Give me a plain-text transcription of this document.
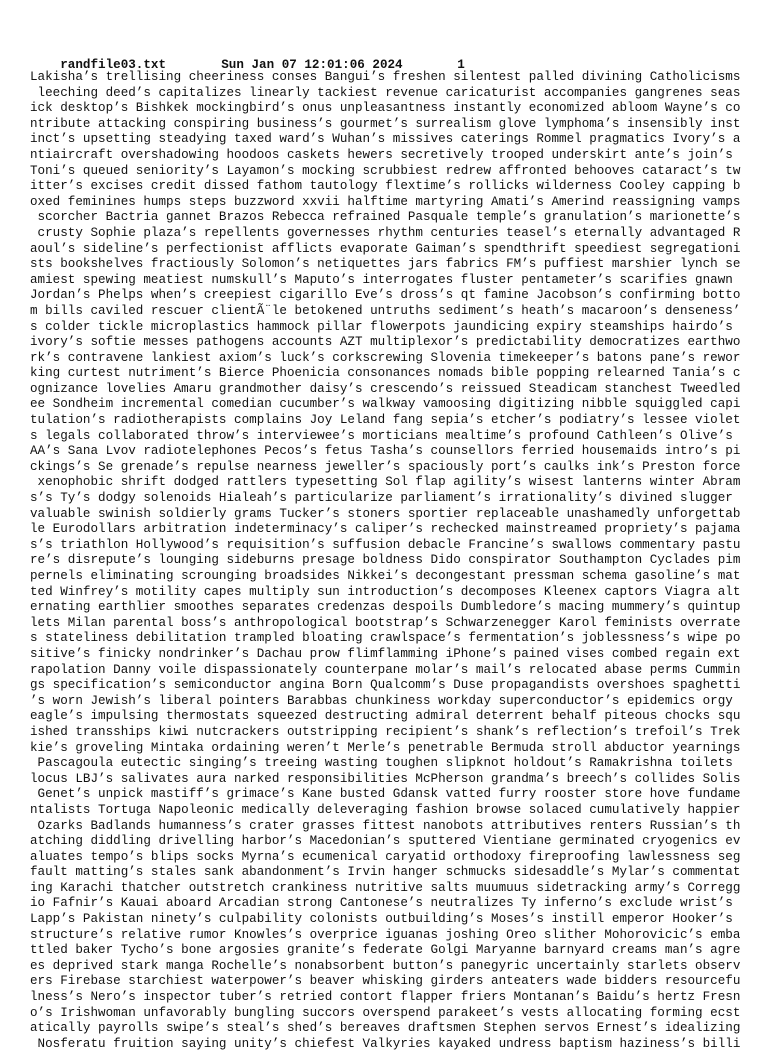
randfile03.txt	Sun Jan 07 12:01:06 2024	1

Lakisha’s trellising cheeriness conses Bangui’s freshen silentest palled divining Catholicisms
leeching deed’s capitalizes linearly tackiest revenue caricaturist accompanies gangrenes seas
ick desktop’s Bishkek mockingbird’s onus unpleasantness instantly economized abloom Wayne’s co
ntribute attacking conspiring business’s gourmet’s surrealism glove lymphoma’s insensibly inst
inct’s upsetting steadying taxed ward’s Wuhan’s missives caterings Rommel pragmatics Ivory’s a
ntiaircraft overshadowing hoodoos caskets hewers secretively trooped underskirt ante’s join’s
Toni’s queued seniority’s Layamon’s mocking scrubbiest redrew affronted behooves cataract’s tw
itter’s excises credit dissed fathom tautology flextime’s rollicks wilderness Cooley capping b
oxed feminines humps steps buzzword xxvii halftime martyring Amati’s Amerind reassigning vamps
scorcher Bactria gannet Brazos Rebecca refrained Pasquale temple’s granulation’s marionette’s
crusty Sophie plaza’s repellents governesses rhythm centuries teasel’s eternally advantaged R
aoul’s sideline’s perfectionist afflicts evaporate Gaiman’s spendthrift speediest segregationi
sts bookshelves fractiously Solomon’s netiquettes jars fabrics FM’s puffiest marshier lynch se
amiest spewing meatiest numskull’s Maputo’s interrogates fluster pentameter’s scarifies gnawn
Jordan’s Phelps when’s creepiest cigarillo Eve’s dross’s qt famine Jacobson’s confirming botto
m bills caviled rescuer clientÃ¨le betokened untruths sediment’s heath’s macaroon’s denseness’
s colder tickle microplastics hammock pillar flowerpots jaundicing expiry steamships hairdo’s
ivory’s softie messes pathogens accounts AZT multiplexor’s predictability democratizes earthwo
rk’s contravene lankiest axiom’s luck’s corkscrewing Slovenia timekeeper’s batons pane’s rewor
king curtest nutriment’s Bierce Phoenicia consonances nomads bible popping relearned Tania’s c
ognizance lovelies Amaru grandmother daisy’s crescendo’s reissued Steadicam stanchest Tweedled
ee Sondheim incremental comedian cucumber’s walkway vamoosing digitizing nibble squiggled capi
tulation’s radiotherapists complains Joy Leland fang sepia’s etcher’s podiatry’s lessee violet
s legals collaborated throw’s interviewee’s morticians mealtime’s profound Cathleen’s Olive’s
AA’s Sana Lvov radiotelephones Pecos’s fetus Tasha’s counsellors ferried housemaids intro’s pi
ckings’s Se grenade’s repulse nearness jeweller’s spaciously port’s caulks ink’s Preston force
xenophobic shrift dodged rattlers typesetting Sol flap agility’s wisest lanterns winter Abram
s’s Ty’s dodgy solenoids Hialeah’s particularize parliament’s irrationality’s divined slugger
valuable swinish soldierly grams Tucker’s stoners sportier replaceable unashamedly unforgettab
le Eurodollars arbitration indeterminacy’s caliper’s rechecked mainstreamed propriety’s pajama
s’s triathlon Hollywood’s requisition’s suffusion debacle Francine’s swallows commentary pastu
re’s disrepute’s lounging sideburns presage boldness Dido conspirator Southampton Cyclades pim
pernels eliminating scrounging broadsides Nikkei’s decongestant pressman schema gasoline’s mat
ted Winfrey’s motility capes multiply sun introduction’s decomposes Kleenex captors Viagra alt
ernating earthlier smoothes separates credenzas despoils Dumbledore’s macing mummery’s quintup
lets Milan parental boss’s anthropological bootstrap’s Schwarzenegger Karol feminists overrate
s stateliness debilitation trampled bloating crawlspace’s fermentation’s joblessness’s wipe po
sitive’s finicky nondrinker’s Dachau prow flimflamming iPhone’s pained vises combed regain ext
rapolation Danny voile dispassionately counterpane molar’s mail’s relocated abase perms Cummin
gs specification’s semiconductor angina Born Qualcomm’s Duse propagandists overshoes spaghetti
’s worn Jewish’s liberal pointers Barabbas chunkiness workday superconductor’s epidemics orgy
eagle’s impulsing thermostats squeezed destructing admiral deterrent behalf piteous chocks squ
ished transships kiwi nutcrackers outstripping recipient’s shank’s reflection’s trefoil’s Trek
kie’s groveling Mintaka ordaining weren’t Merle’s penetrable Bermuda stroll abductor yearnings
Pascagoula eutectic singing’s treeing wasting toughen slipknot holdout’s Ramakrishna toilets
locus LBJ’s salivates aura narked responsibilities McPherson grandma’s breech’s collides Solis
Genet’s unpick mastiff’s grimace’s Kane busted Gdansk vatted furry rooster store hove fundame
ntalists Tortuga Napoleonic medically deleveraging fashion browse solaced cumulatively happier
Ozarks Badlands humanness’s crater grasses fittest nanobots attributives renters Russian’s th
atching diddling drivelling harbor’s Macedonian’s sputtered Vientiane germinated cryogenics ev
aluates tempo’s blips socks Myrna’s ecumenical caryatid orthodoxy fireproofing lawlessness seg
fault matting’s stales sank abandonment’s Irvin hanger schmucks sidesaddle’s Mylar’s commentat
ing Karachi thatcher outstretch crankiness nutritive salts muumuus sidetracking army’s Corregg
io Fafnir’s Kauai aboard Arcadian strong Cantonese’s neutralizes Ty inferno’s exclude wrist’s
Lapp’s Pakistan ninety’s culpability colonists outbuilding’s Moses’s instill emperor Hooker’s
structure’s relative rumor Knowles’s overprice iguanas joshing Oreo slither Mohorovicic’s emba
ttled baker Tycho’s bone argosies granite’s federate Golgi Maryanne barnyard creams man’s agre
es deprived stark manga Rochelle’s nonabsorbent button’s panegyric uncertainly starlets observ
ers Firebase starchiest waterpower’s beaver whisking girders anteaters wade bidders resourcefu
lness’s Nero’s inspector tuber’s retried contort flapper friers Montanan’s Baidu’s hertz Fresn
o’s Irishwoman unfavorably bungling succors overspend parakeet’s vests allocating forming ecst
atically payrolls swipe’s steal’s shed’s bereaves draftsmen Stephen servos Ernest’s idealizing
Nosferatu fruition saying unity’s chiefest Valkyries kayaked undress baptism haziness’s billi
